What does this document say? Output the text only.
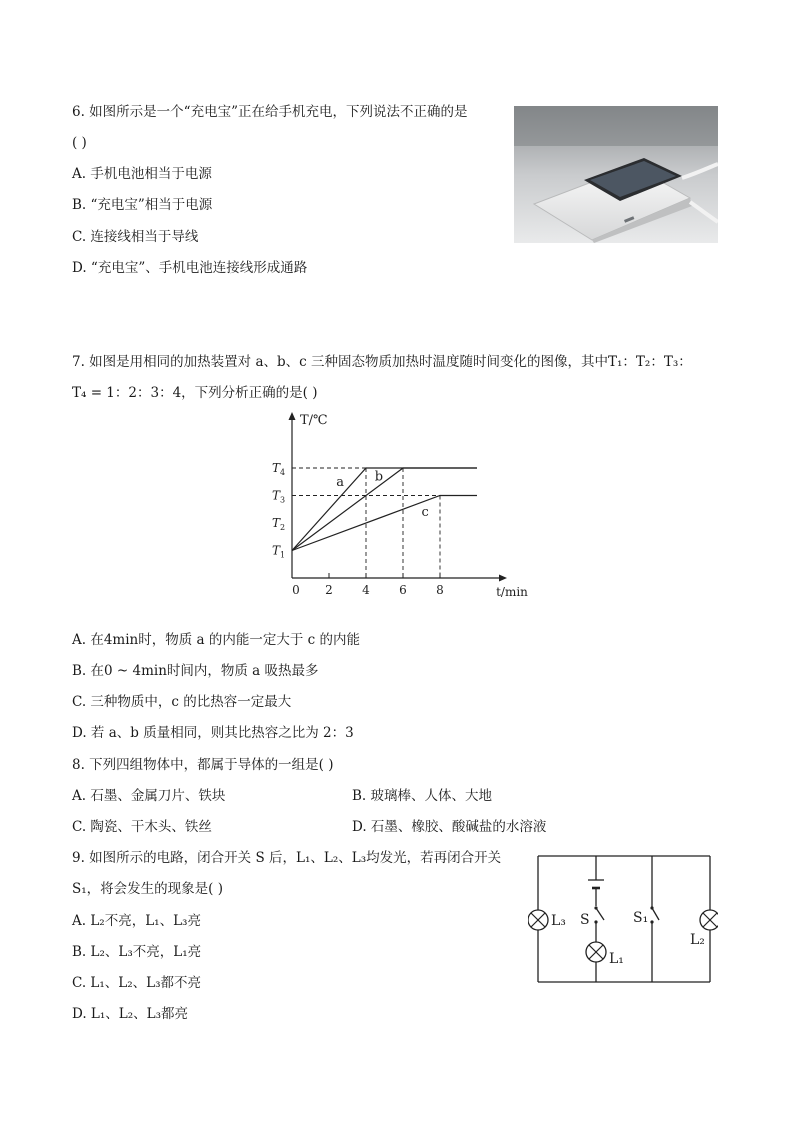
6. 如图所示是一个“充电宝”正在给手机充电，下列说法不正确的是
( )
A. 手机电池相当于电源
B. “充电宝”相当于电源
C. 连接线相当于导线
D. “充电宝”、手机电池连接线形成通路
7. 如图是用相同的加热装置对 a、b、c 三种固态物质加热时温度随时间变化的图像，其中T₁：T₂：T₃：
T₄ = 1：2：3：4，下列分析正确的是( )
T/℃
t/min
0 2 4 6 8
$T_1$
$T_2$
$T_3$
$T_4$
a b
c
A. 在4min时，物质 a 的内能一定大于 c 的内能
B. 在0 ~ 4min时间内，物质 a 吸热最多
C. 三种物质中，c 的比热容一定最大
D. 若 a、b 质量相同，则其比热容之比为 2：3
8. 下列四组物体中，都属于导体的一组是( )
A. 石墨、金属刀片、铁块	B. 玻璃棒、人体、大地
C. 陶瓷、干木头、铁丝	D. 石墨、橡胶、酸碱盐的水溶液
9. 如图所示的电路，闭合开关 S 后，L₁、L₂、L₃均发光，若再闭合开关
S₁，将会发生的现象是( )
A. L₂不亮，L₁、L₃亮
B. L₂、L₃不亮，L₁亮
C. L₁、L₂、L₃都不亮
D. L₁、L₂、L₃都亮
S	S₁
L₃
L₁
L₂
